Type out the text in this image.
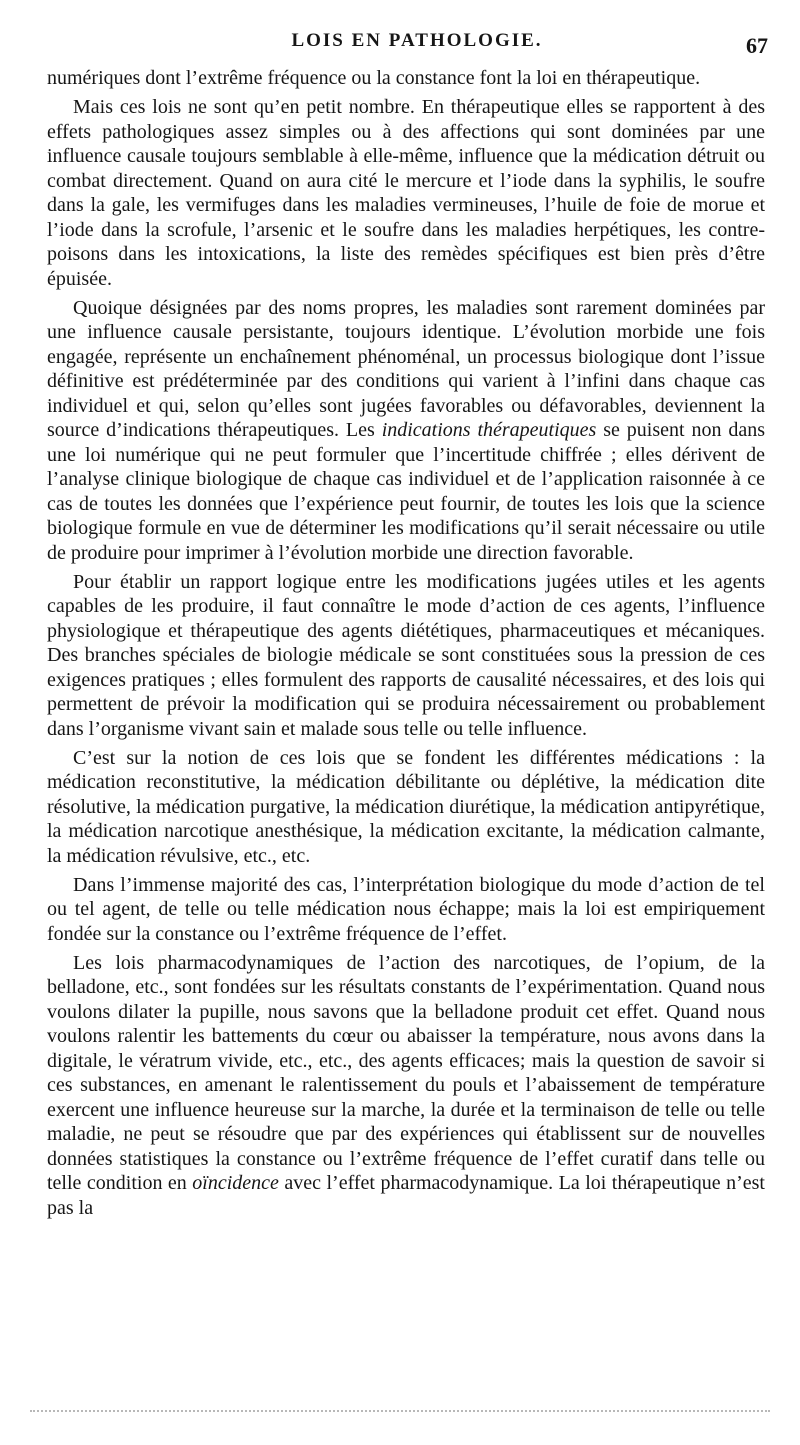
LOIS EN PATHOLOGIE.	67

numériques dont l’extrême fréquence ou la constance font la loi en thérapeutique.

Mais ces lois ne sont qu’en petit nombre. En thérapeutique elles se rapportent à des effets pathologiques assez simples ou à des affections qui sont dominées par une influence causale toujours semblable à elle-même, influence que la médication détruit ou combat directement. Quand on aura cité le mercure et l’iode dans la syphilis, le soufre dans la gale, les vermifuges dans les maladies vermineuses, l’huile de foie de morue et l’iode dans la scrofule, l’arsenic et le soufre dans les maladies herpétiques, les contre-poisons dans les intoxications, la liste des remèdes spécifiques est bien près d’être épuisée.

Quoique désignées par des noms propres, les maladies sont rarement dominées par une influence causale persistante, toujours identique. L’évolution morbide une fois engagée, représente un enchaînement phénoménal, un processus biologique dont l’issue définitive est prédéterminée par des conditions qui varient à l’infini dans chaque cas individuel et qui, selon qu’elles sont jugées favorables ou défavorables, deviennent la source d’indications thérapeutiques. Les indications thérapeutiques se puisent non dans une loi numérique qui ne peut formuler que l’incertitude chiffrée ; elles dérivent de l’analyse clinique biologique de chaque cas individuel et de l’application raisonnée à ce cas de toutes les données que l’expérience peut fournir, de toutes les lois que la science biologique formule en vue de déterminer les modifications qu’il serait nécessaire ou utile de produire pour imprimer à l’évolution morbide une direction favorable.

Pour établir un rapport logique entre les modifications jugées utiles et les agents capables de les produire, il faut connaître le mode d’action de ces agents, l’influence physiologique et thérapeutique des agents diététiques, pharmaceutiques et mécaniques. Des branches spéciales de biologie médicale se sont constituées sous la pression de ces exigences pratiques ; elles formulent des rapports de causalité nécessaires, et des lois qui permettent de prévoir la modification qui se produira nécessairement ou probablement dans l’organisme vivant sain et malade sous telle ou telle influence.

C’est sur la notion de ces lois que se fondent les différentes médications : la médication reconstitutive, la médication débilitante ou déplétive, la médication dite résolutive, la médication purgative, la médication diurétique, la médication antipyrétique, la médication narcotique anesthésique, la médication excitante, la médication calmante, la médication révulsive, etc., etc.

Dans l’immense majorité des cas, l’interprétation biologique du mode d’action de tel ou tel agent, de telle ou telle médication nous échappe; mais la loi est empiriquement fondée sur la constance ou l’extrême fréquence de l’effet.

Les lois pharmacodynamiques de l’action des narcotiques, de l’opium, de la belladone, etc., sont fondées sur les résultats constants de l’expérimentation. Quand nous voulons dilater la pupille, nous savons que la belladone produit cet effet. Quand nous voulons ralentir les battements du cœur ou abaisser la température, nous avons dans la digitale, le vératrum vivide, etc., etc., des agents efficaces; mais la question de savoir si ces substances, en amenant le ralentissement du pouls et l’abaissement de température exercent une influence heureuse sur la marche, la durée et la terminaison de telle ou telle maladie, ne peut se résoudre que par des expériences qui établissent sur de nouvelles données statistiques la constance ou l’extrême fréquence de l’effet curatif dans telle ou telle condition en oïncidence avec l’effet pharmacodynamique. La loi thérapeutique n’est pas la
